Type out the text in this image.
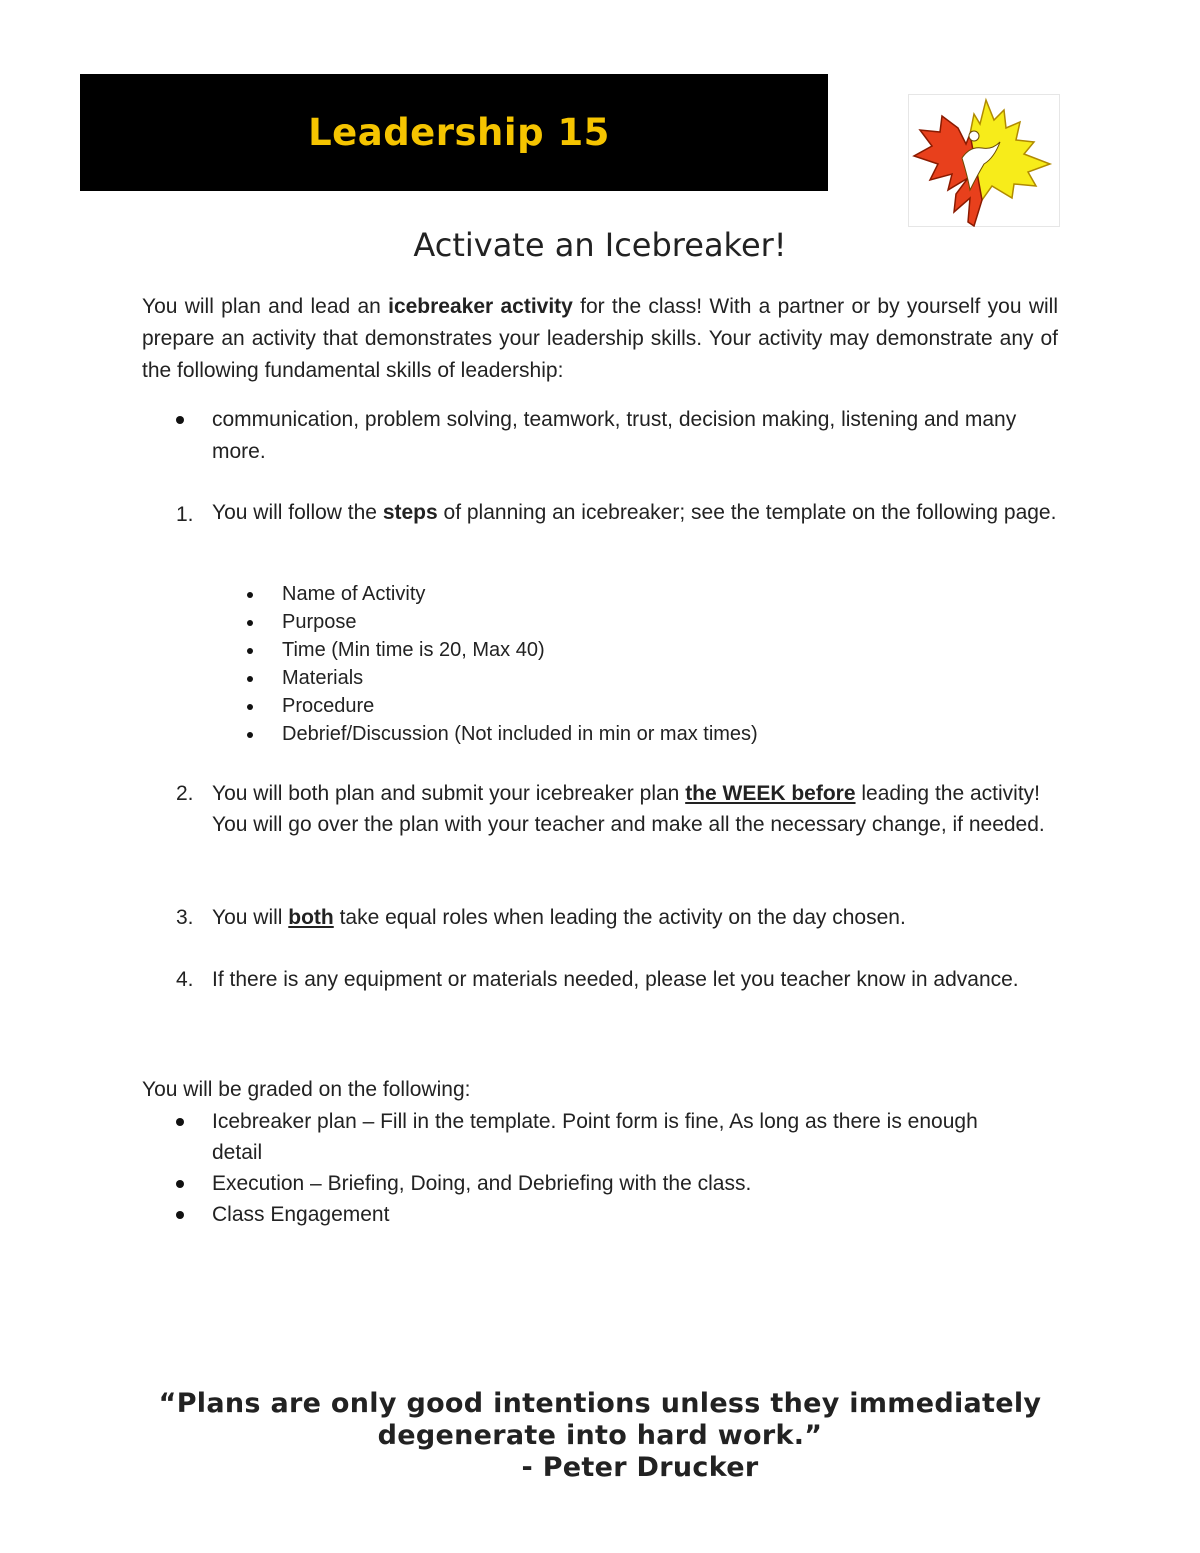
Leadership 15
Activate an Icebreaker!
You will plan and lead an icebreaker activity for the class! With a partner or by yourself you will prepare an activity that demonstrates your leadership skills. Your activity may demonstrate any of the following fundamental skills of leadership:
communication, problem solving, teamwork, trust, decision making, listening and many more.
1. You will follow the steps of planning an icebreaker; see the template on the following page.
Name of Activity
Purpose
Time (Min time is 20, Max 40)
Materials
Procedure
Debrief/Discussion (Not included in min or max times)
2. You will both plan and submit your icebreaker plan the WEEK before leading the activity! You will go over the plan with your teacher and make all the necessary change, if needed.
3. You will both take equal roles when leading the activity on the day chosen.
4. If there is any equipment or materials needed, please let you teacher know in advance.
You will be graded on the following:
Icebreaker plan – Fill in the template. Point form is fine, As long as there is enough detail
Execution – Briefing, Doing, and Debriefing with the class.
Class Engagement
“Plans are only good intentions unless they immediately
degenerate into hard work.”
- Peter Drucker
